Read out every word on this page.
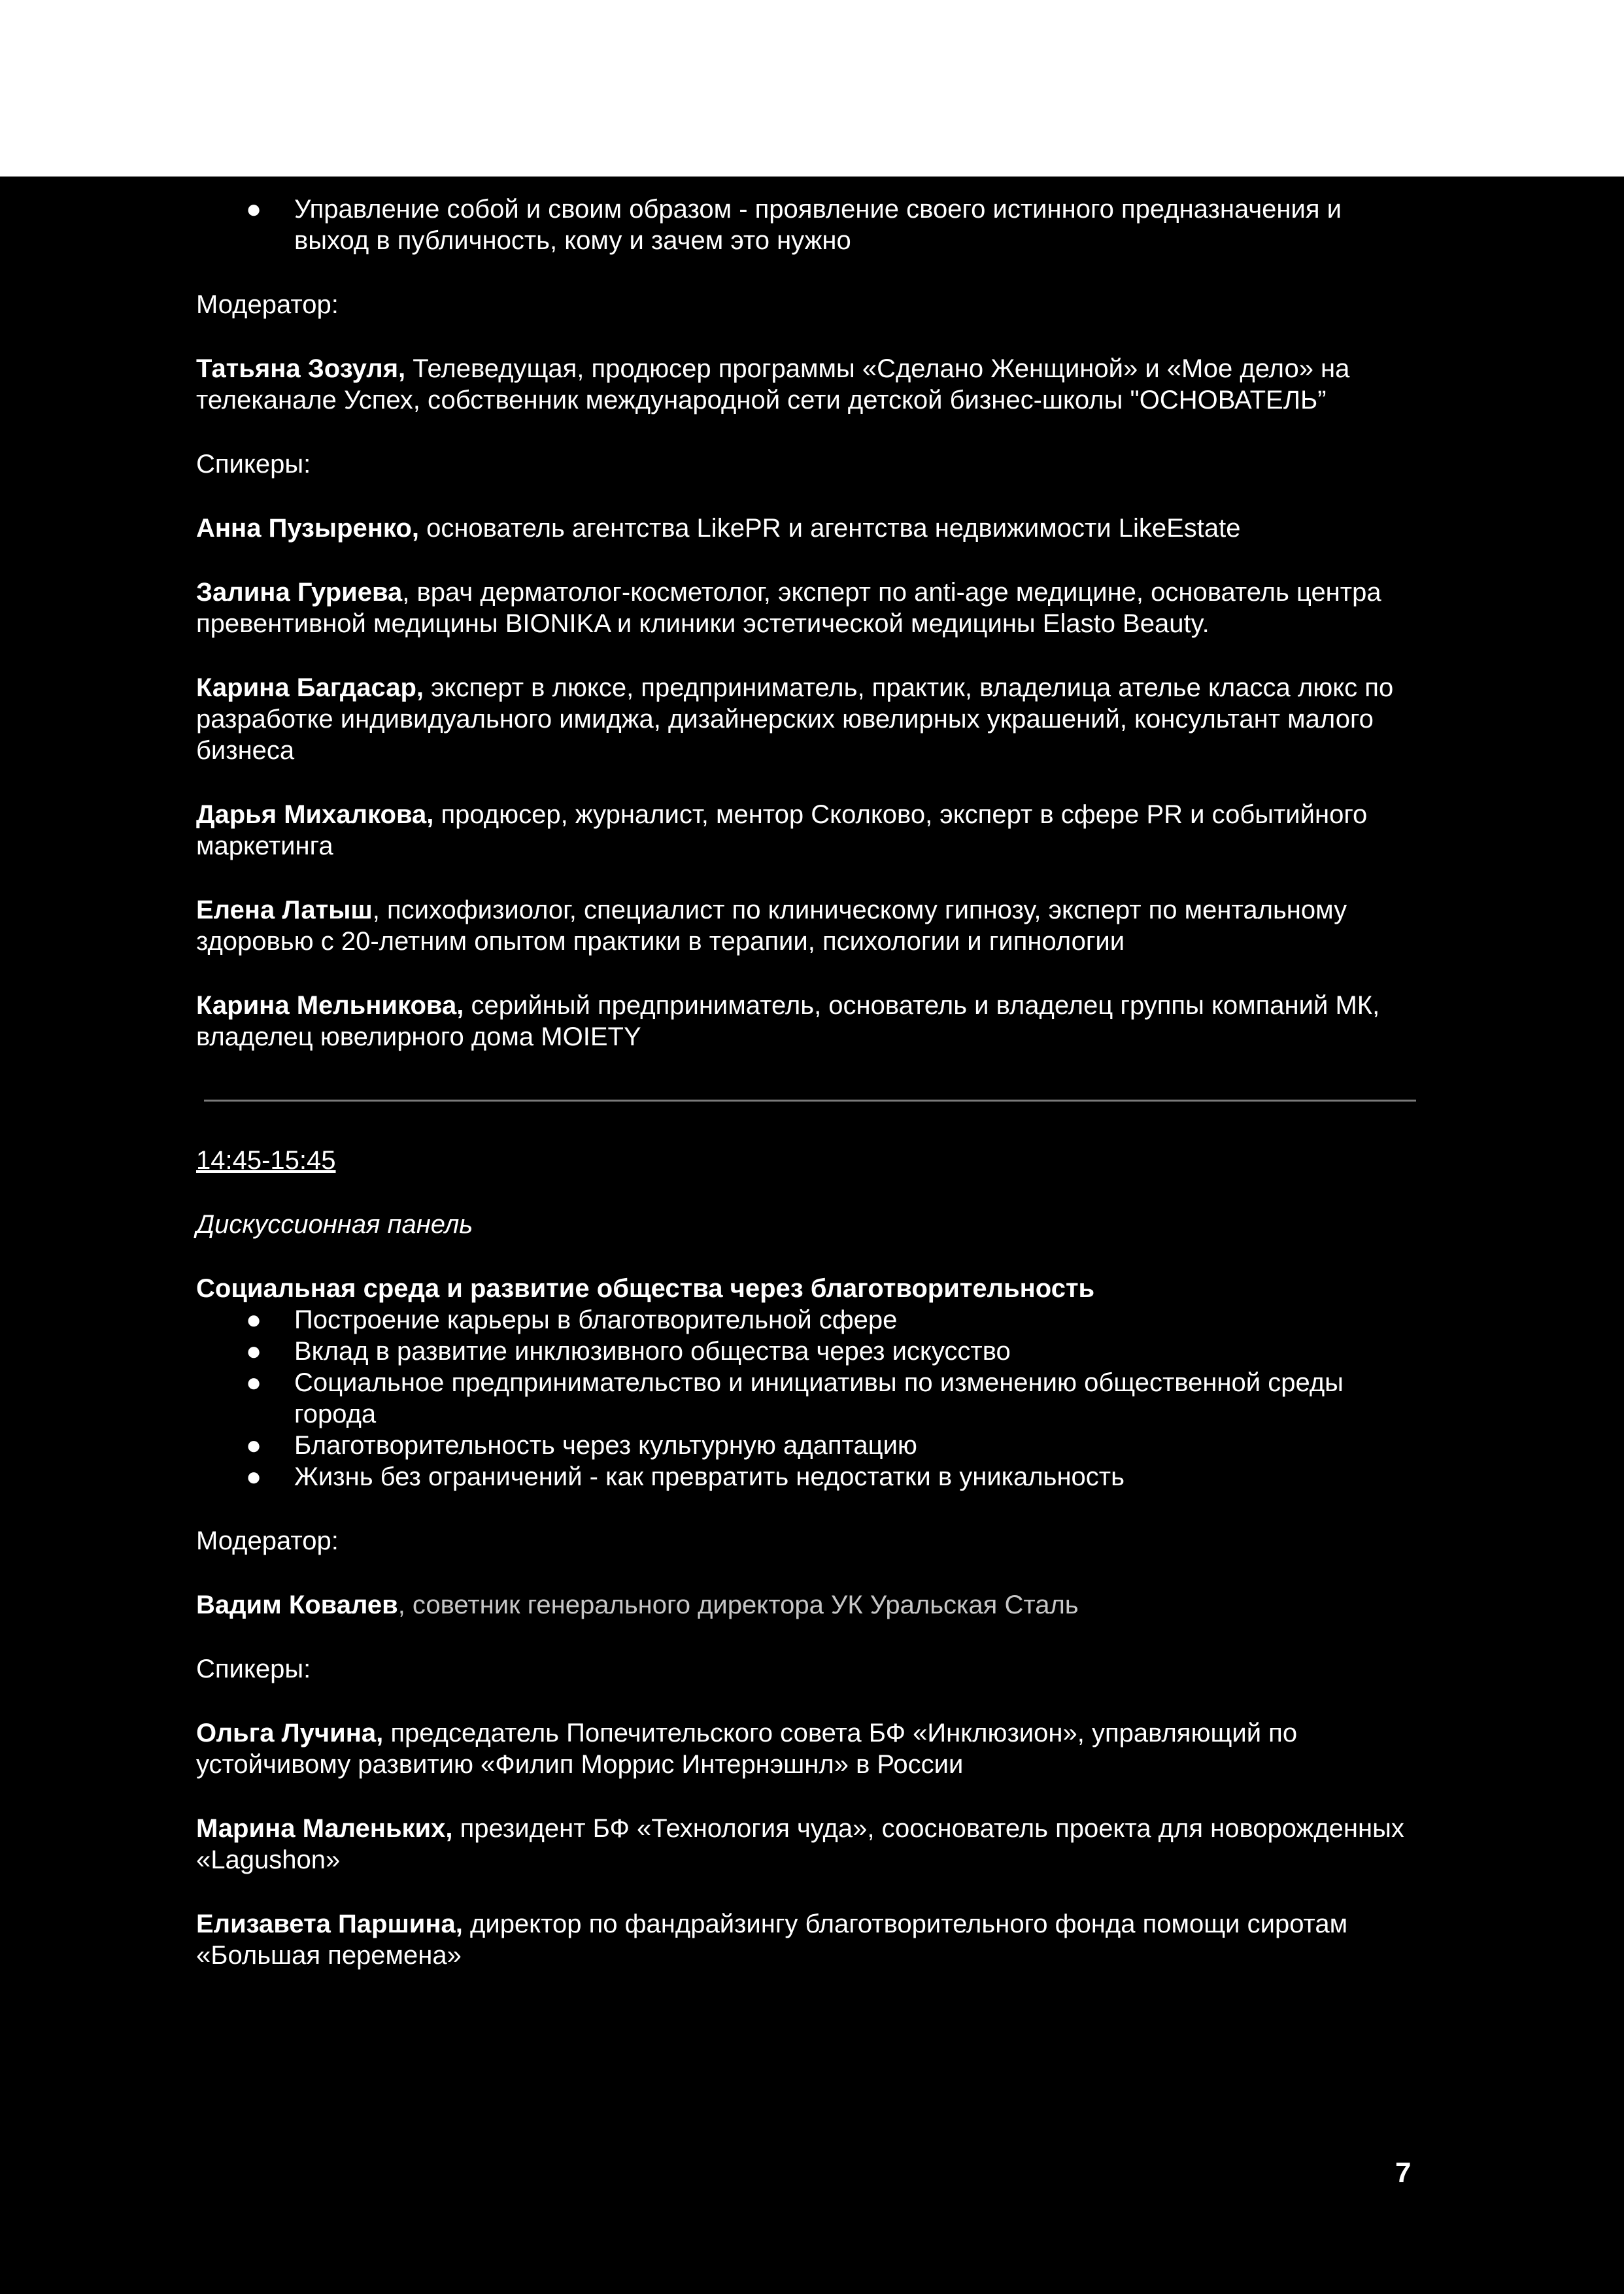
● Управление собой и своим образом - проявление своего истинного предназначения и выход в публичность, кому и зачем это нужно

Модератор:

Татьяна Зозуля, Телеведущая, продюсер программы «Сделано Женщиной» и «Мое дело» на телеканале Успех, собственник международной сети детской бизнес-школы "ОСНОВАТЕЛЬ”

Спикеры:

Анна Пузыренко, основатель агентства LikePR и агентства недвижимости LikeEstate

Залина Гуриева, врач дерматолог-косметолог, эксперт по anti-age медицине, основатель центра превентивной медицины BIONIKA и клиники эстетической медицины Elasto Beauty.

Карина Багдасар, эксперт в люксе, предприниматель, практик, владелица ателье класса люкс по разработке индивидуального имиджа, дизайнерских ювелирных украшений, консультант малого бизнеса

Дарья Михалкова, продюсер, журналист, ментор Сколково, эксперт в сфере PR и событийного маркетинга

Елена Латыш, психофизиолог, специалист по клиническому гипнозу, эксперт по ментальному здоровью с 20-летним опытом практики в терапии, психологии и гипнологии

Карина Мельникова, серийный предприниматель, основатель и владелец группы компаний МК, владелец ювелирного дома MOIETY

14:45-15:45

Дискуссионная панель

Социальная среда и развитие общества через благотворительность

● Построение карьеры в благотворительной сфере
● Вклад в развитие инклюзивного общества через искусство
● Социальное предпринимательство и инициативы по изменению общественной среды города
● Благотворительность через культурную адаптацию
● Жизнь без ограничений - как превратить недостатки в уникальность

Модератор:

Вадим Ковалев, советник генерального директора УК Уральская Сталь

Спикеры:

Ольга Лучина, председатель Попечительского совета БФ «Инклюзион», управляющий по устойчивому развитию «Филип Моррис Интернэшнл» в России

Марина Маленьких, президент БФ «Технология чуда», сооснователь проекта для новорожденных «Lagushon»

Елизавета Паршина, директор по фандрайзингу благотворительного фонда помощи сиротам «Большая перемена»

7
